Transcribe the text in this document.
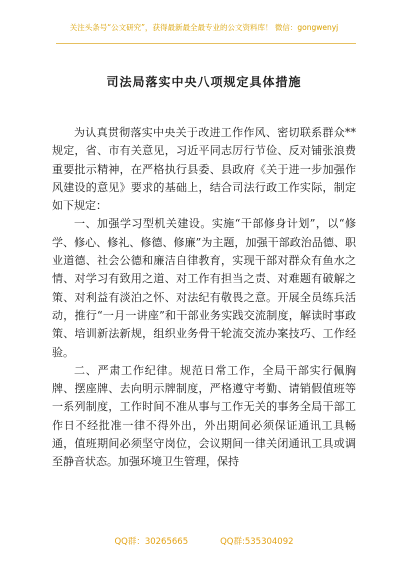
关注头条号“公文研究”，获得最新最全最专业的公文资料库！ 微信：gongwenyj
司法局落实中央八项规定具体措施

为认真贯彻落实中央关于改进工作作风、密切联系群众**规定，省、市有关意见，习近平同志厉行节俭、反对铺张浪费重要批示精神，在严格执行县委、县政府《关于进一步加强作风建设的意见》要求的基础上，结合司法行政工作实际，制定如下规定：

一、加强学习型机关建设。实施“干部修身计划”，以“修学、修心、修礼、修德、修廉”为主题，加强干部政治品德、职业道德、社会公德和廉洁自律教育，实现干部对群众有鱼水之情、对学习有致用之道、对工作有担当之责、对难题有破解之策、对利益有淡泊之怀、对法纪有敬畏之意。开展全员练兵活动，推行“一月一讲座”和干部业务实践交流制度，解读时事政策、培训新法新规，组织业务骨干轮流交流办案技巧、工作经验。

二、严肃工作纪律。规范日常工作，全局干部实行佩胸牌、摆座牌、去向明示牌制度，严格遵守考勤、请销假值班等一系列制度，工作时间不准从事与工作无关的事务全局干部工作日不经批准一律不得外出，外出期间必须保证通讯工具畅通，值班期间必须坚守岗位，会议期间一律关闭通讯工具或调至静音状态。加强环境卫生管理，保持

QQ群：30265665	QQ群:535304092
